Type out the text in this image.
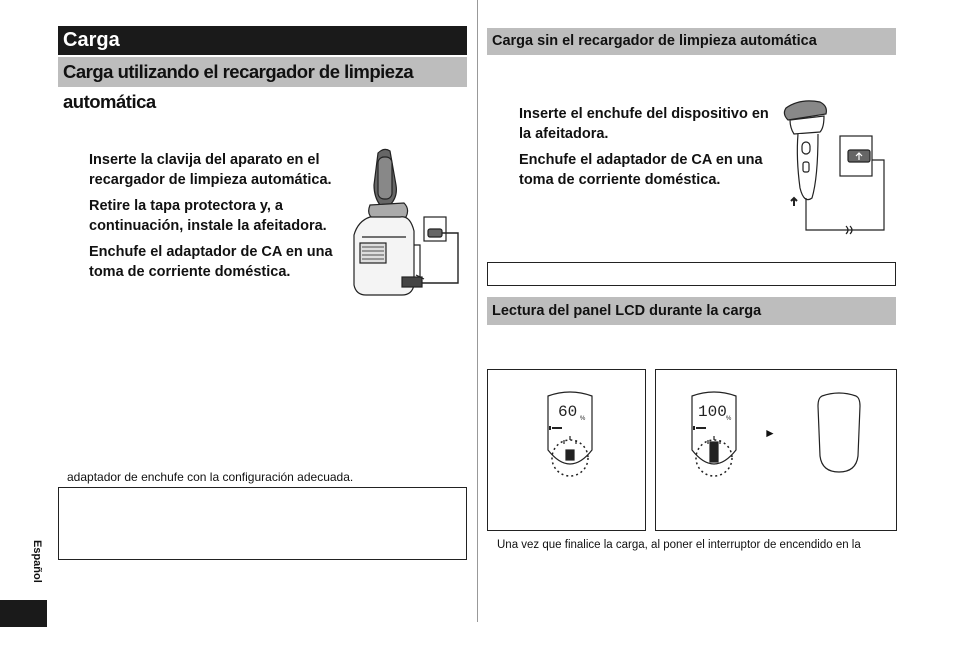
Carga
Carga utilizando el recargador de limpieza automática
Inserte la clavija del aparato en el recargador de limpieza automática.
Retire la tapa protectora y, a continuación, instale la afeitadora.
Enchufe el adaptador de CA en una toma de corriente doméstica.
adaptador de enchufe con la configuración adecuada.
Español
Carga sin el recargador de limpieza automática
Inserte el enchufe del dispositivo en la afeitadora.
Enchufe el adaptador de CA en una toma de corriente doméstica.
Lectura del panel LCD durante la carga
60 %	100 %
►
Una vez que finalice la carga, al poner el interruptor de encendido en la
